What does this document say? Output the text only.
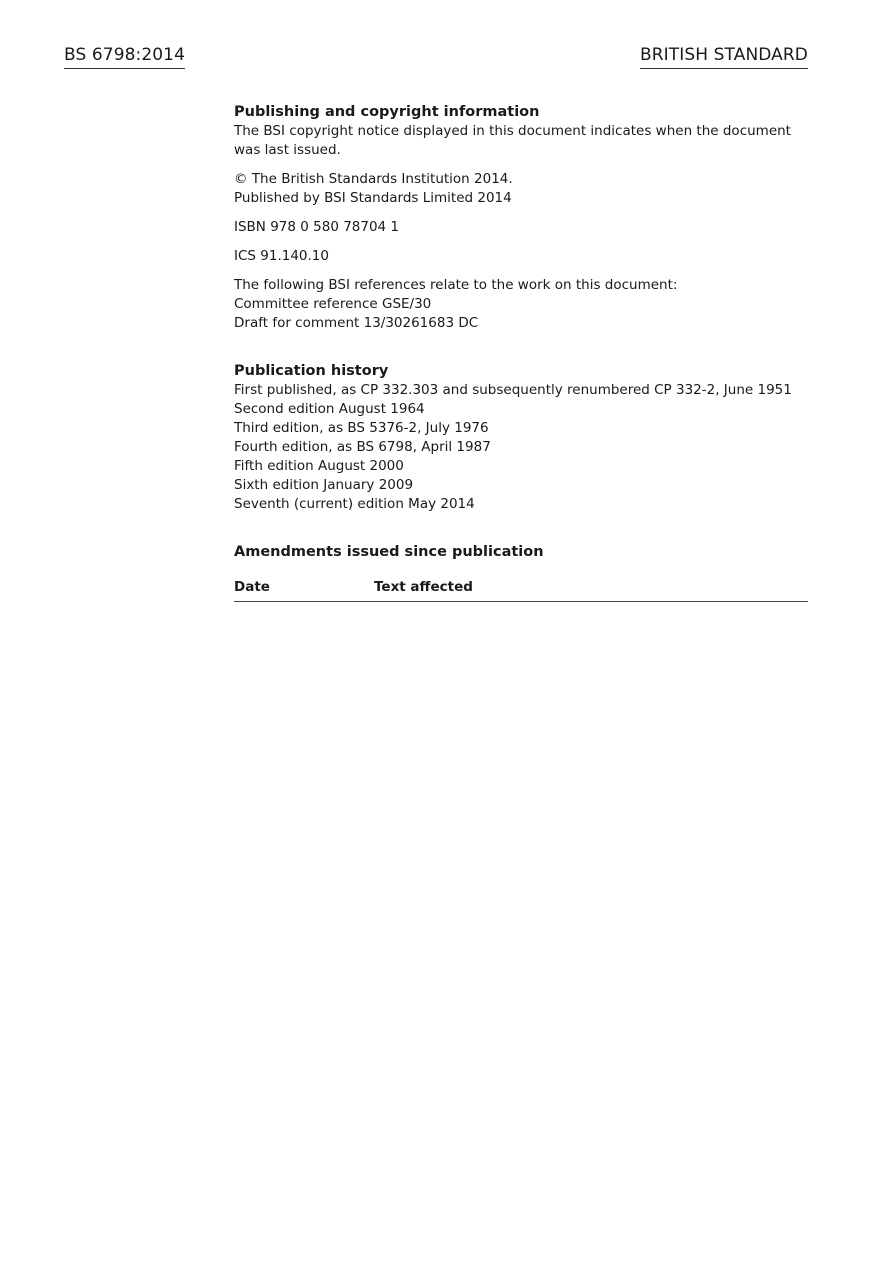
BS 6798:2014	BRITISH STANDARD
Publishing and copyright information

The BSI copyright notice displayed in this document indicates when the document
was last issued.

© The British Standards Institution 2014.
Published by BSI Standards Limited 2014

ISBN 978 0 580 78704 1

ICS 91.140.10

The following BSI references relate to the work on this document:
Committee reference GSE/30
Draft for comment 13/30261683 DC

Publication history

First published, as CP 332.303 and subsequently renumbered CP 332-2, June 1951
Second edition August 1964
Third edition, as BS 5376-2, July 1976
Fourth edition, as BS 6798, April 1987
Fifth edition August 2000
Sixth edition January 2009
Seventh (current) edition May 2014

Amendments issued since publication
Date	Text affected
